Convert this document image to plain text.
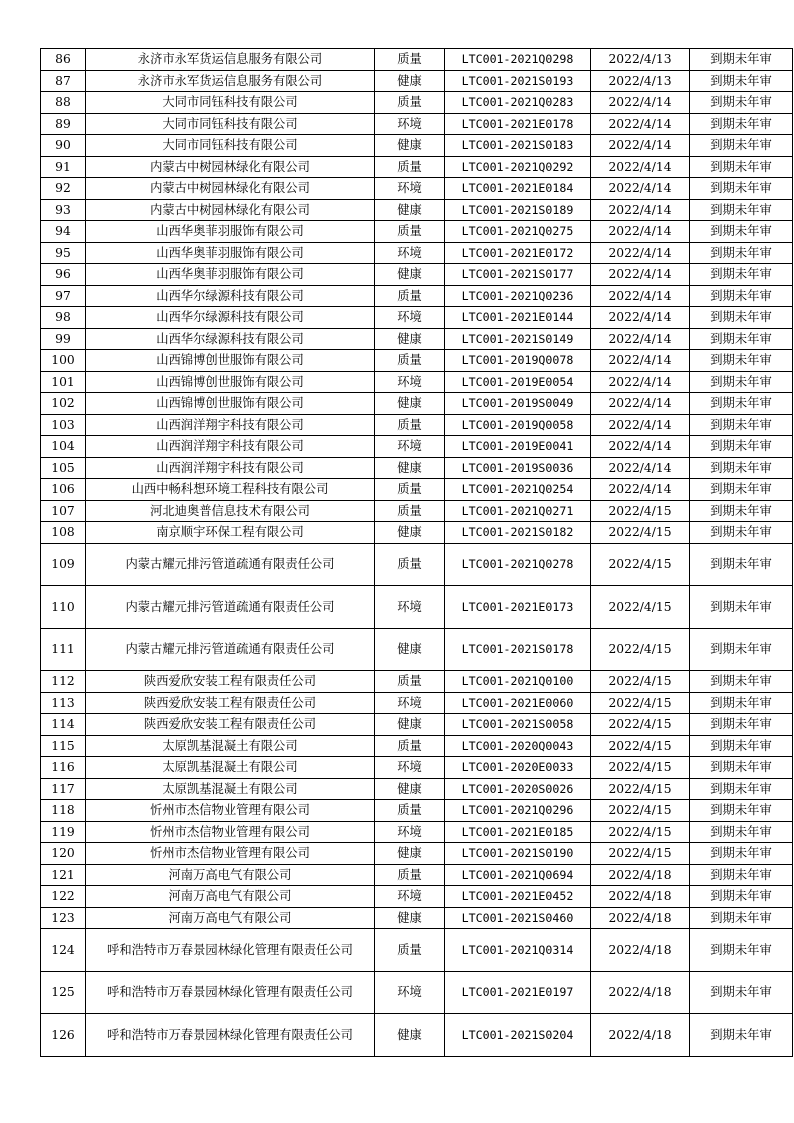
86	永济市永军货运信息服务有限公司	质量	LTC001-2021Q0298	2022/4/13	到期未年审
87	永济市永军货运信息服务有限公司	健康	LTC001-2021S0193	2022/4/13	到期未年审
88	大同市同钰科技有限公司	质量	LTC001-2021Q0283	2022/4/14	到期未年审
89	大同市同钰科技有限公司	环境	LTC001-2021E0178	2022/4/14	到期未年审
90	大同市同钰科技有限公司	健康	LTC001-2021S0183	2022/4/14	到期未年审
91	内蒙古中树园林绿化有限公司	质量	LTC001-2021Q0292	2022/4/14	到期未年审
92	内蒙古中树园林绿化有限公司	环境	LTC001-2021E0184	2022/4/14	到期未年审
93	内蒙古中树园林绿化有限公司	健康	LTC001-2021S0189	2022/4/14	到期未年审
94	山西华奥菲羽服饰有限公司	质量	LTC001-2021Q0275	2022/4/14	到期未年审
95	山西华奥菲羽服饰有限公司	环境	LTC001-2021E0172	2022/4/14	到期未年审
96	山西华奥菲羽服饰有限公司	健康	LTC001-2021S0177	2022/4/14	到期未年审
97	山西华尔绿源科技有限公司	质量	LTC001-2021Q0236	2022/4/14	到期未年审
98	山西华尔绿源科技有限公司	环境	LTC001-2021E0144	2022/4/14	到期未年审
99	山西华尔绿源科技有限公司	健康	LTC001-2021S0149	2022/4/14	到期未年审
100	山西锦博创世服饰有限公司	质量	LTC001-2019Q0078	2022/4/14	到期未年审
101	山西锦博创世服饰有限公司	环境	LTC001-2019E0054	2022/4/14	到期未年审
102	山西锦博创世服饰有限公司	健康	LTC001-2019S0049	2022/4/14	到期未年审
103	山西润洋翔宇科技有限公司	质量	LTC001-2019Q0058	2022/4/14	到期未年审
104	山西润洋翔宇科技有限公司	环境	LTC001-2019E0041	2022/4/14	到期未年审
105	山西润洋翔宇科技有限公司	健康	LTC001-2019S0036	2022/4/14	到期未年审
106	山西中畅科想环境工程科技有限公司	质量	LTC001-2021Q0254	2022/4/14	到期未年审
107	河北迪奥普信息技术有限公司	质量	LTC001-2021Q0271	2022/4/15	到期未年审
108	南京顺宇环保工程有限公司	健康	LTC001-2021S0182	2022/4/15	到期未年审
109	内蒙古耀元排污管道疏通有限责任公司	质量	LTC001-2021Q0278	2022/4/15	到期未年审
110	内蒙古耀元排污管道疏通有限责任公司	环境	LTC001-2021E0173	2022/4/15	到期未年审
111	内蒙古耀元排污管道疏通有限责任公司	健康	LTC001-2021S0178	2022/4/15	到期未年审
112	陕西爱欣安装工程有限责任公司	质量	LTC001-2021Q0100	2022/4/15	到期未年审
113	陕西爱欣安装工程有限责任公司	环境	LTC001-2021E0060	2022/4/15	到期未年审
114	陕西爱欣安装工程有限责任公司	健康	LTC001-2021S0058	2022/4/15	到期未年审
115	太原凯基混凝土有限公司	质量	LTC001-2020Q0043	2022/4/15	到期未年审
116	太原凯基混凝土有限公司	环境	LTC001-2020E0033	2022/4/15	到期未年审
117	太原凯基混凝土有限公司	健康	LTC001-2020S0026	2022/4/15	到期未年审
118	忻州市杰信物业管理有限公司	质量	LTC001-2021Q0296	2022/4/15	到期未年审
119	忻州市杰信物业管理有限公司	环境	LTC001-2021E0185	2022/4/15	到期未年审
120	忻州市杰信物业管理有限公司	健康	LTC001-2021S0190	2022/4/15	到期未年审
121	河南万高电气有限公司	质量	LTC001-2021Q0694	2022/4/18	到期未年审
122	河南万高电气有限公司	环境	LTC001-2021E0452	2022/4/18	到期未年审
123	河南万高电气有限公司	健康	LTC001-2021S0460	2022/4/18	到期未年审
124	呼和浩特市万春景园林绿化管理有限责任公司	质量	LTC001-2021Q0314	2022/4/18	到期未年审
125	呼和浩特市万春景园林绿化管理有限责任公司	环境	LTC001-2021E0197	2022/4/18	到期未年审
126	呼和浩特市万春景园林绿化管理有限责任公司	健康	LTC001-2021S0204	2022/4/18	到期未年审
